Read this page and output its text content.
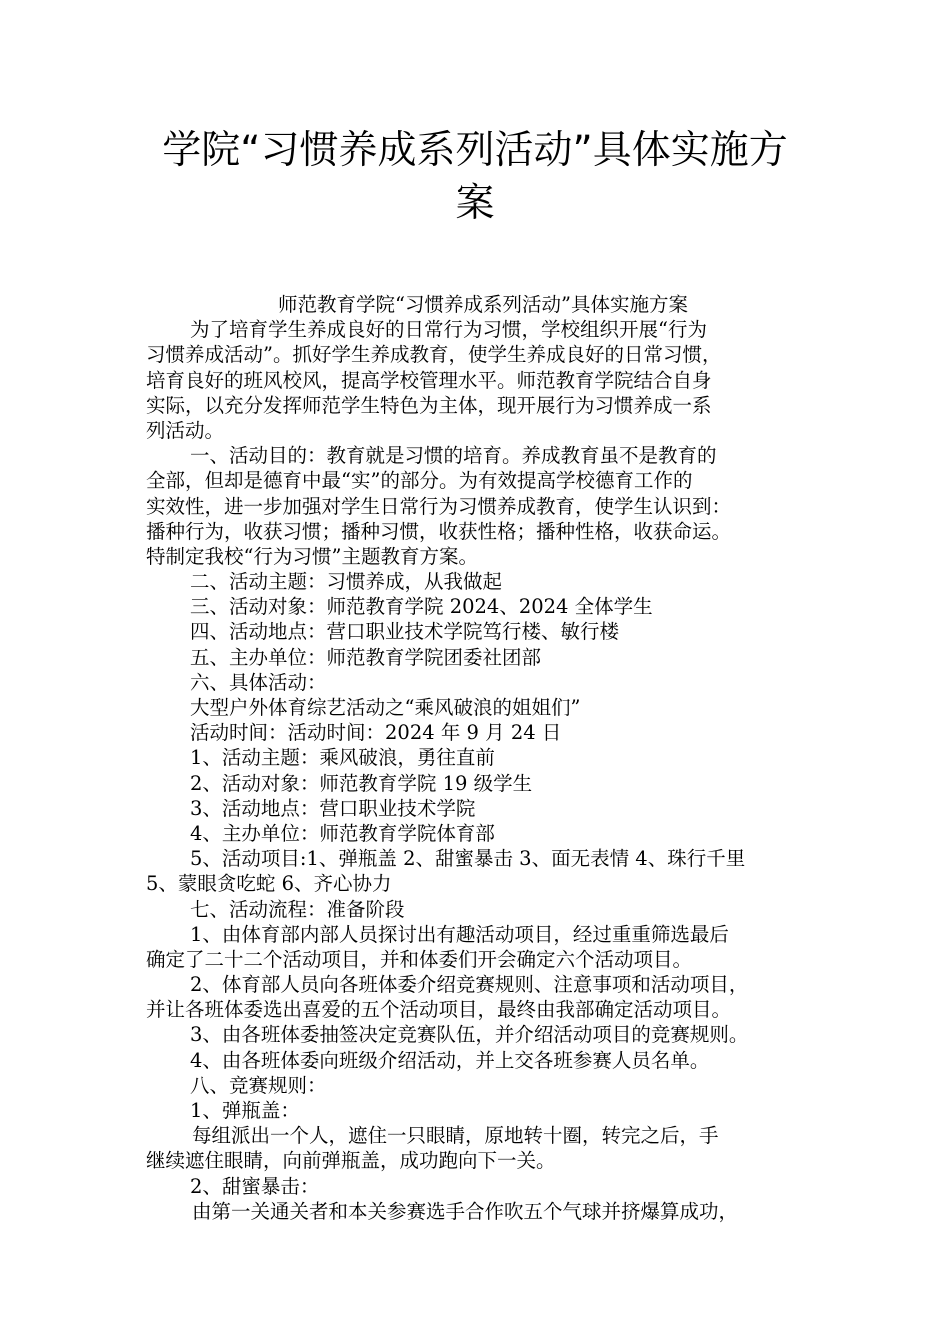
学院“习惯养成系列活动”具体实施方
案
师范教育学院“习惯养成系列活动”具体实施方案
为了培育学生养成良好的日常行为习惯，学校组织开展“行为
习惯养成活动”。抓好学生养成教育，使学生养成良好的日常习惯，
培育良好的班风校风，提高学校管理水平。师范教育学院结合自身
实际，以充分发挥师范学生特色为主体，现开展行为习惯养成一系
列活动。
一、活动目的：教育就是习惯的培育。养成教育虽不是教育的
全部，但却是德育中最“实”的部分。为有效提高学校德育工作的
实效性，进一步加强对学生日常行为习惯养成教育，使学生认识到：
播种行为，收获习惯；播种习惯，收获性格；播种性格，收获命运。
特制定我校“行为习惯”主题教育方案。
二、活动主题：习惯养成，从我做起
三、活动对象：师范教育学院 2024、2024 全体学生
四、活动地点：营口职业技术学院笃行楼、敏行楼
五、主办单位：师范教育学院团委社团部
六、具体活动：
大型户外体育综艺活动之“乘风破浪的姐姐们”
活动时间：活动时间：2024 年 9 月 24 日
1、活动主题：乘风破浪，勇往直前
2、活动对象：师范教育学院 19 级学生
3、活动地点：营口职业技术学院
4、主办单位：师范教育学院体育部
5、活动项目:1、弹瓶盖 2、甜蜜暴击 3、面无表情 4、珠行千里
5、蒙眼贪吃蛇 6、齐心协力
七、活动流程：准备阶段
1、由体育部内部人员探讨出有趣活动项目，经过重重筛选最后
确定了二十二个活动项目，并和体委们开会确定六个活动项目。
2、体育部人员向各班体委介绍竞赛规则、注意事项和活动项目，
并让各班体委选出喜爱的五个活动项目，最终由我部确定活动项目。
3、由各班体委抽签决定竞赛队伍，并介绍活动项目的竞赛规则。
4、由各班体委向班级介绍活动，并上交各班参赛人员名单。
八、竞赛规则：
1、弹瓶盖：
每组派出一个人，遮住一只眼睛，原地转十圈，转完之后，手
继续遮住眼睛，向前弹瓶盖，成功跑向下一关。
2、甜蜜暴击：
由第一关通关者和本关参赛选手合作吹五个气球并挤爆算成功，
